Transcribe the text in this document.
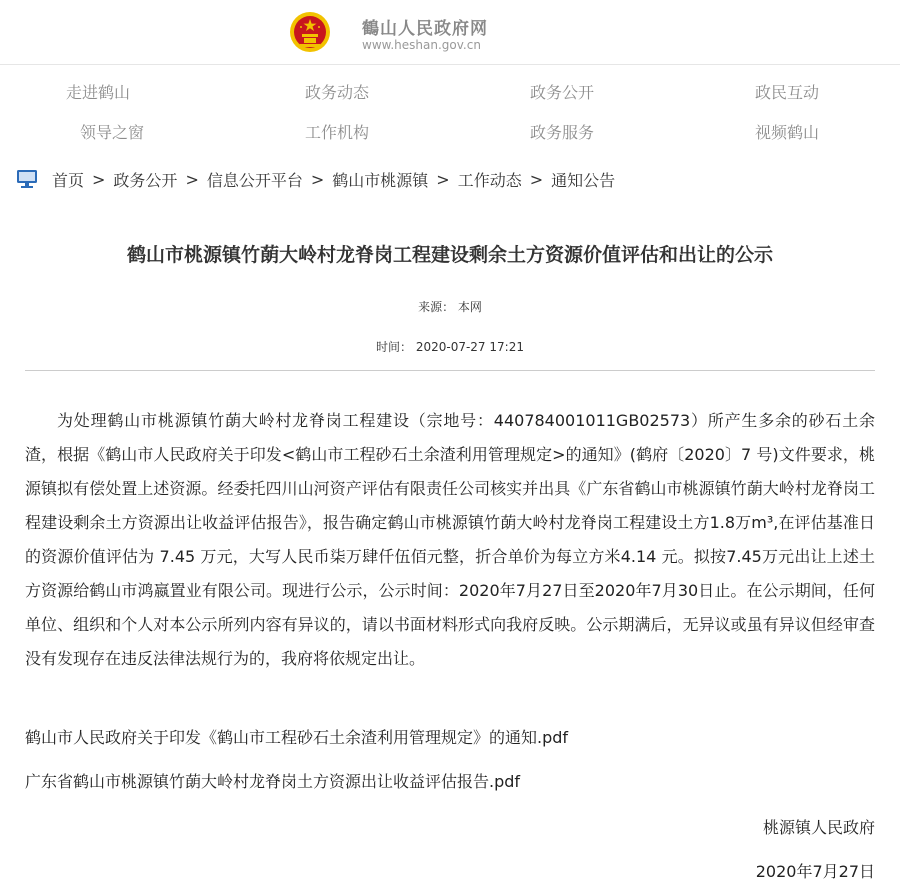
鶴山人民政府网
www.heshan.gov.cn
走进鹤山	政务动态	政务公开	政民互动
领导之窗	工作机构	政务服务	视频鹤山
首页 > 政务公开 > 信息公开平台 > 鹤山市桃源镇 > 工作动态 > 通知公告
鹤山市桃源镇竹蓢大岭村龙脊岗工程建设剩余土方资源价值评估和出让的公示
来源： 本网
时间： 2020-07-27 17:21

为处理鹤山市桃源镇竹蓢大岭村龙脊岗工程建设（宗地号：440784001011GB02573）所产生多余的砂石土余渣，根据《鹤山市人民政府关于印发<鹤山市工程砂石土余渣利用管理规定>的通知》(鹤府〔2020〕7 号)文件要求，桃源镇拟有偿处置上述资源。经委托四川山河资产评估有限责任公司核实并出具《广东省鹤山市桃源镇竹蓢大岭村龙脊岗工程建设剩余土方资源出让收益评估报告》，报告确定鹤山市桃源镇竹蓢大岭村龙脊岗工程建设土方1.8万m³,在评估基准日的资源价值评估为 7.45 万元，大写人民币柒万肆仟伍佰元整，折合单价为每立方米4.14 元。拟按7.45万元出让上述土方资源给鹤山市鸿嬴置业有限公司。现进行公示，公示时间：2020年7月27日至2020年7月30日止。在公示期间，任何单位、组织和个人对本公示所列内容有异议的，请以书面材料形式向我府反映。公示期满后，无异议或虽有异议但经审查没有发现存在违反法律法规行为的，我府将依规定出让。

鹤山市人民政府关于印发《鹤山市工程砂石土余渣利用管理规定》的通知.pdf
广东省鹤山市桃源镇竹蓢大岭村龙脊岗土方资源出让收益评估报告.pdf
桃源镇人民政府
2020年7月27日
